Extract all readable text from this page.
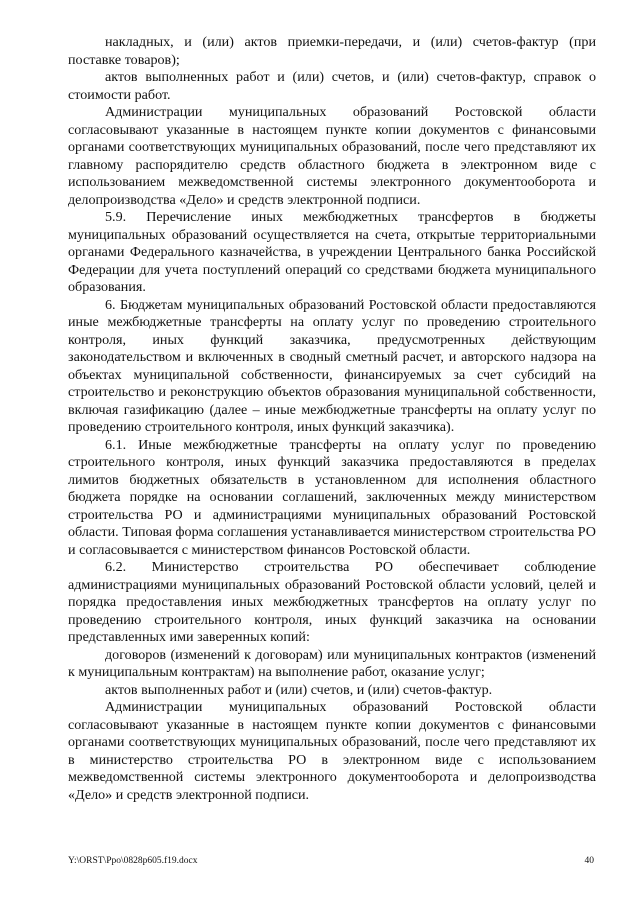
накладных, и (или) актов приемки-передачи, и (или) счетов-фактур (при поставке товаров);

актов выполненных работ и (или) счетов, и (или) счетов-фактур, справок о стоимости работ.

Администрации муниципальных образований Ростовской области согласовывают указанные в настоящем пункте копии документов с финансовыми органами соответствующих муниципальных образований, после чего представляют их главному распорядителю средств областного бюджета в электронном виде с использованием межведомственной системы электронного документооборота и делопроизводства «Дело» и средств электронной подписи.

5.9. Перечисление иных межбюджетных трансфертов в бюджеты муниципальных образований осуществляется на счета, открытые территориальными органами Федерального казначейства, в учреждении Центрального банка Российской Федерации для учета поступлений операций со средствами бюджета муниципального образования.

6. Бюджетам муниципальных образований Ростовской области предоставляются иные межбюджетные трансферты на оплату услуг по проведению строительного контроля, иных функций заказчика, предусмотренных действующим законодательством и включенных в сводный сметный расчет, и авторского надзора на объектах муниципальной собственности, финансируемых за счет субсидий на строительство и реконструкцию объектов образования муниципальной собственности, включая газификацию (далее – иные межбюджетные трансферты на оплату услуг по проведению строительного контроля, иных функций заказчика).

6.1. Иные межбюджетные трансферты на оплату услуг по проведению строительного контроля, иных функций заказчика предоставляются в пределах лимитов бюджетных обязательств в установленном для исполнения областного бюджета порядке на основании соглашений, заключенных между министерством строительства РО и администрациями муниципальных образований Ростовской области. Типовая форма соглашения устанавливается министерством строительства РО и согласовывается с министерством финансов Ростовской области.

6.2. Министерство строительства РО обеспечивает соблюдение администрациями муниципальных образований Ростовской области условий, целей и порядка предоставления иных межбюджетных трансфертов на оплату услуг по проведению строительного контроля, иных функций заказчика на основании представленных ими заверенных копий:

договоров (изменений к договорам) или муниципальных контрактов (изменений к муниципальным контрактам) на выполнение работ, оказание услуг;

актов выполненных работ и (или) счетов, и (или) счетов-фактур.

Администрации муниципальных образований Ростовской области согласовывают указанные в настоящем пункте копии документов с финансовыми органами соответствующих муниципальных образований, после чего представляют их в министерство строительства РО в электронном виде с использованием межведомственной системы электронного документооборота и делопроизводства «Дело» и средств электронной подписи.

Y:\ORST\Ppo\0828p605.f19.docx	40
